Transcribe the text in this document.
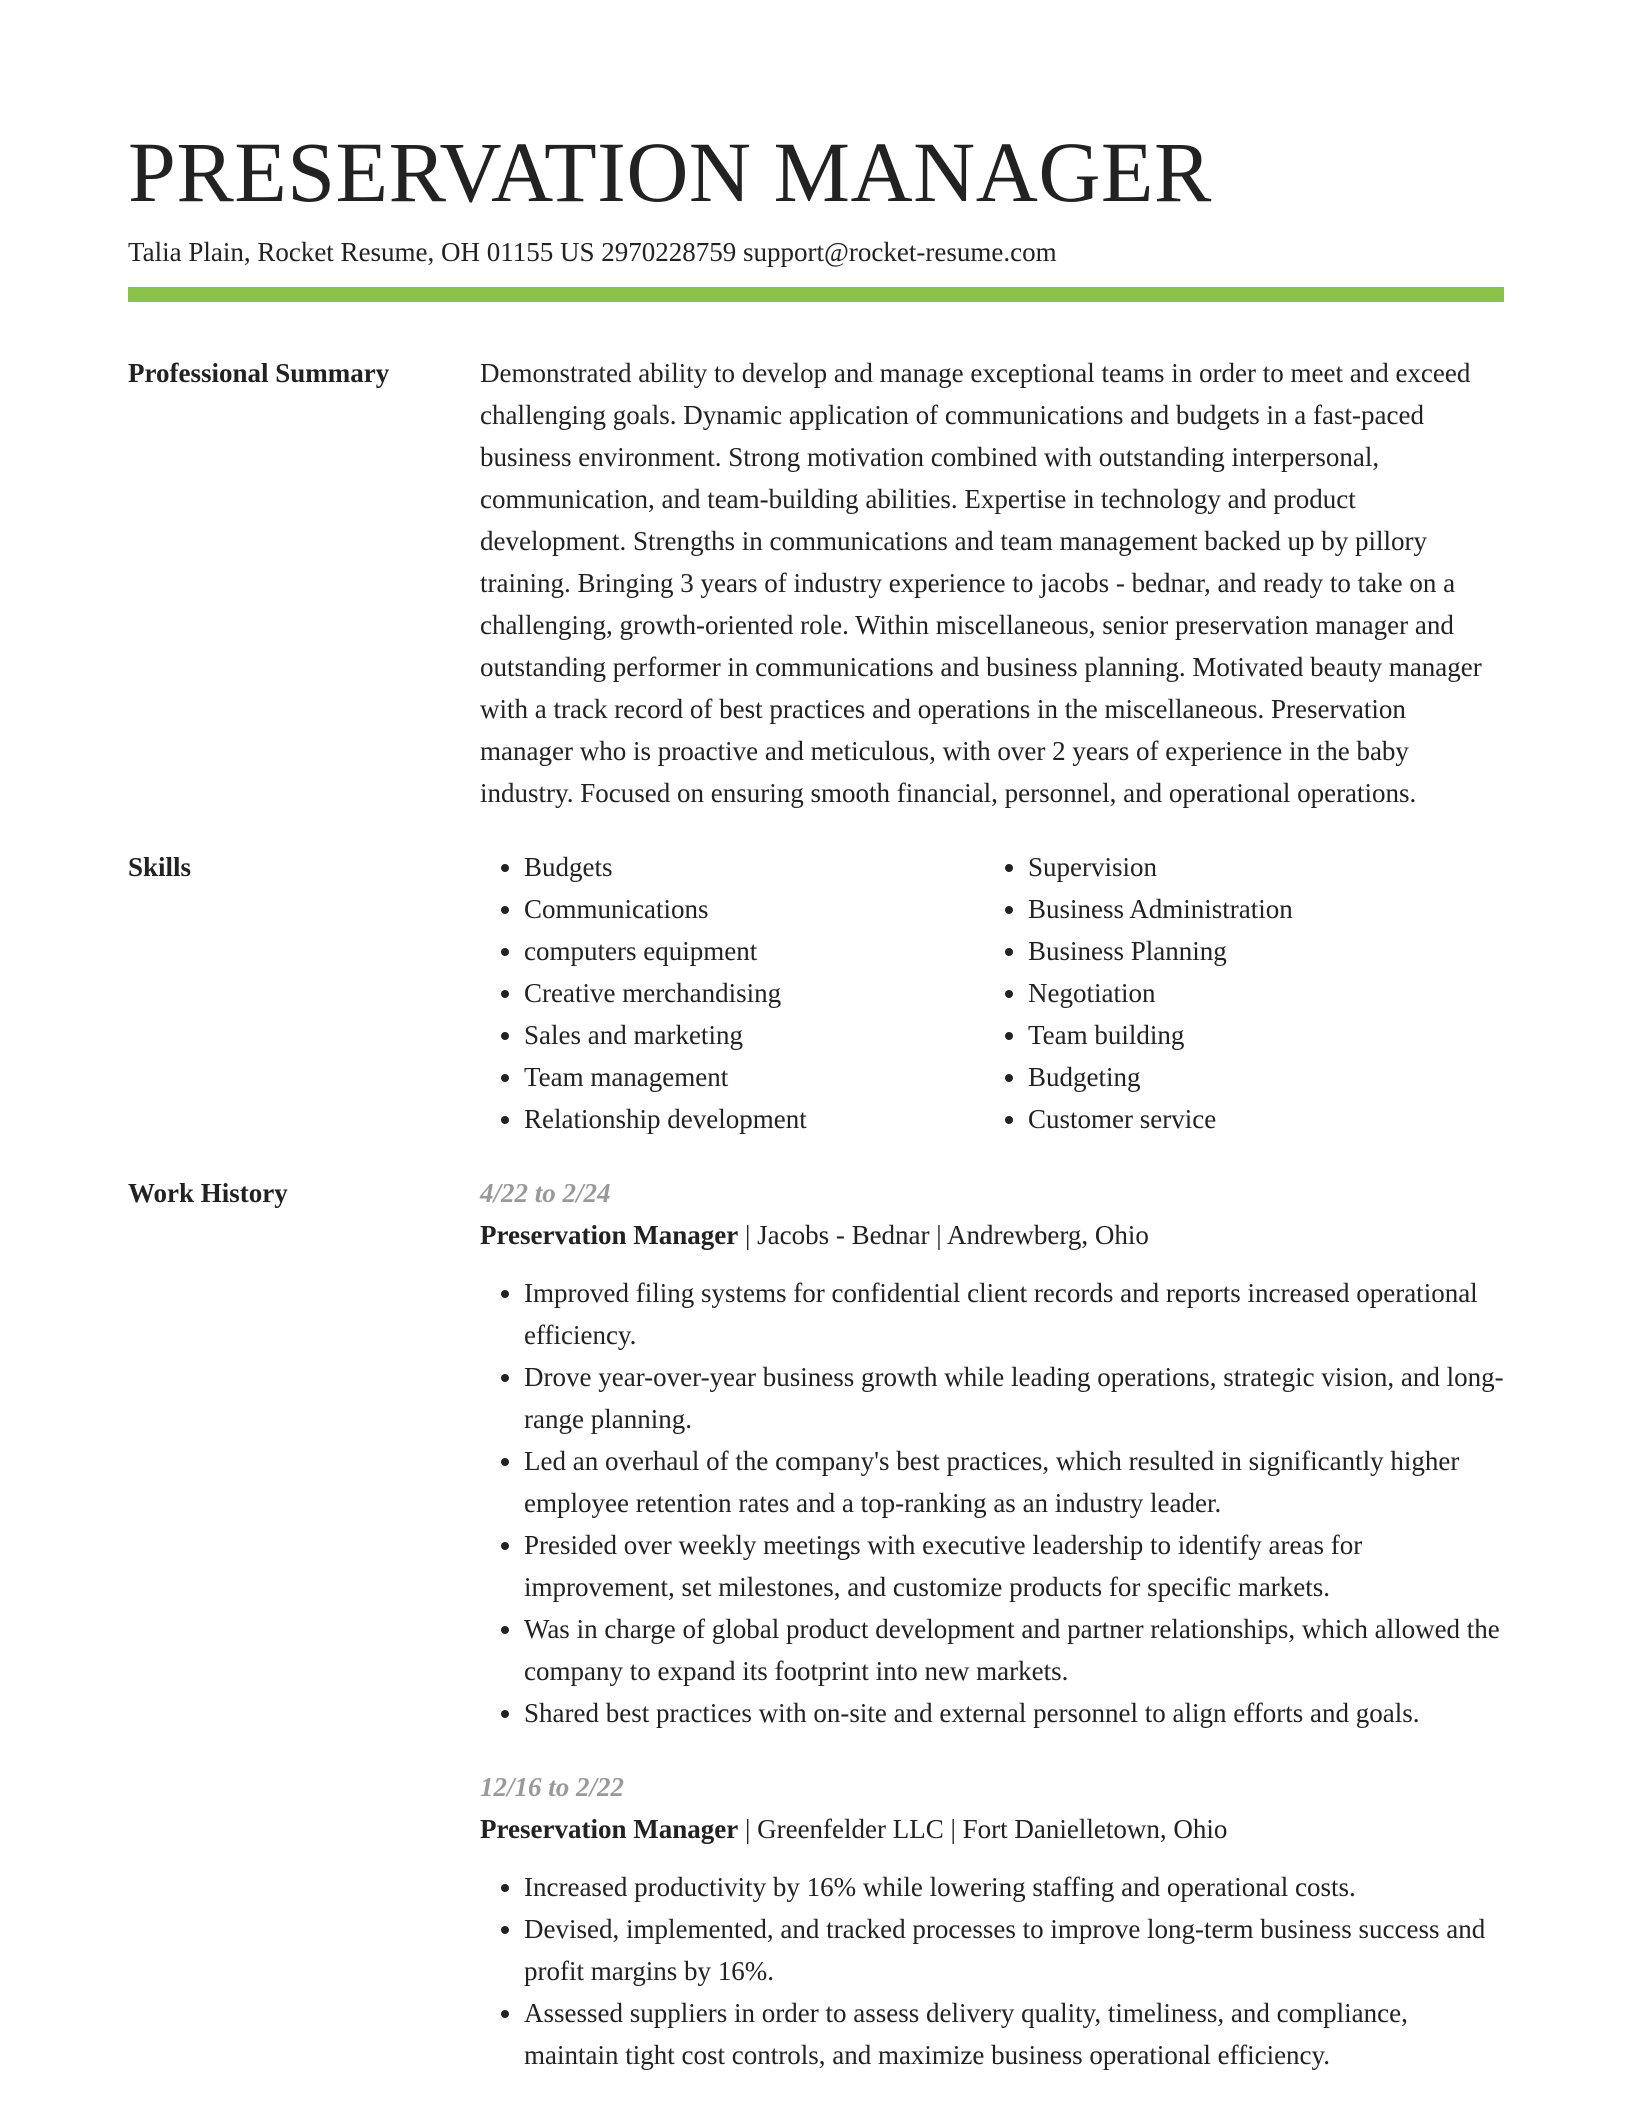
PRESERVATION MANAGER
Talia Plain, Rocket Resume, OH 01155 US 2970228759 support@rocket-resume.com
Professional Summary	Demonstrated ability to develop and manage exceptional teams in order to meet and exceed challenging goals. Dynamic application of communications and budgets in a fast-paced business environment. Strong motivation combined with outstanding interpersonal, communication, and team-building abilities. Expertise in technology and product development. Strengths in communications and team management backed up by pillory training. Bringing 3 years of industry experience to jacobs - bednar, and ready to take on a challenging, growth-oriented role. Within miscellaneous, senior preservation manager and outstanding performer in communications and business planning. Motivated beauty manager with a track record of best practices and operations in the miscellaneous. Preservation manager who is proactive and meticulous, with over 2 years of experience in the baby industry. Focused on ensuring smooth financial, personnel, and operational operations.

Skills
•	Budgets
• Communications
• computers equipment
• Creative merchandising
• Sales and marketing
• Team management
• Relationship development
• Supervision
• Business Administration
• Business Planning
• Negotiation
• Team building
• Budgeting
• Customer service
Work History	4/22 to 2/24
Preservation Manager | Jacobs - Bednar | Andrewberg, Ohio
• Improved filing systems for confidential client records and reports increased operational efficiency.
• Drove year-over-year business growth while leading operations, strategic vision, and long-range planning.
• Led an overhaul of the company's best practices, which resulted in significantly higher employee retention rates and a top-ranking as an industry leader.
• Presided over weekly meetings with executive leadership to identify areas for improvement, set milestones, and customize products for specific markets.
• Was in charge of global product development and partner relationships, which allowed the company to expand its footprint into new markets.
• Shared best practices with on-site and external personnel to align efforts and goals.
12/16 to 2/22
Preservation Manager | Greenfelder LLC | Fort Danielletown, Ohio
• Increased productivity by 16% while lowering staffing and operational costs.
• Devised, implemented, and tracked processes to improve long-term business success and profit margins by 16%.
• Assessed suppliers in order to assess delivery quality, timeliness, and compliance, maintain tight cost controls, and maximize business operational efficiency.
